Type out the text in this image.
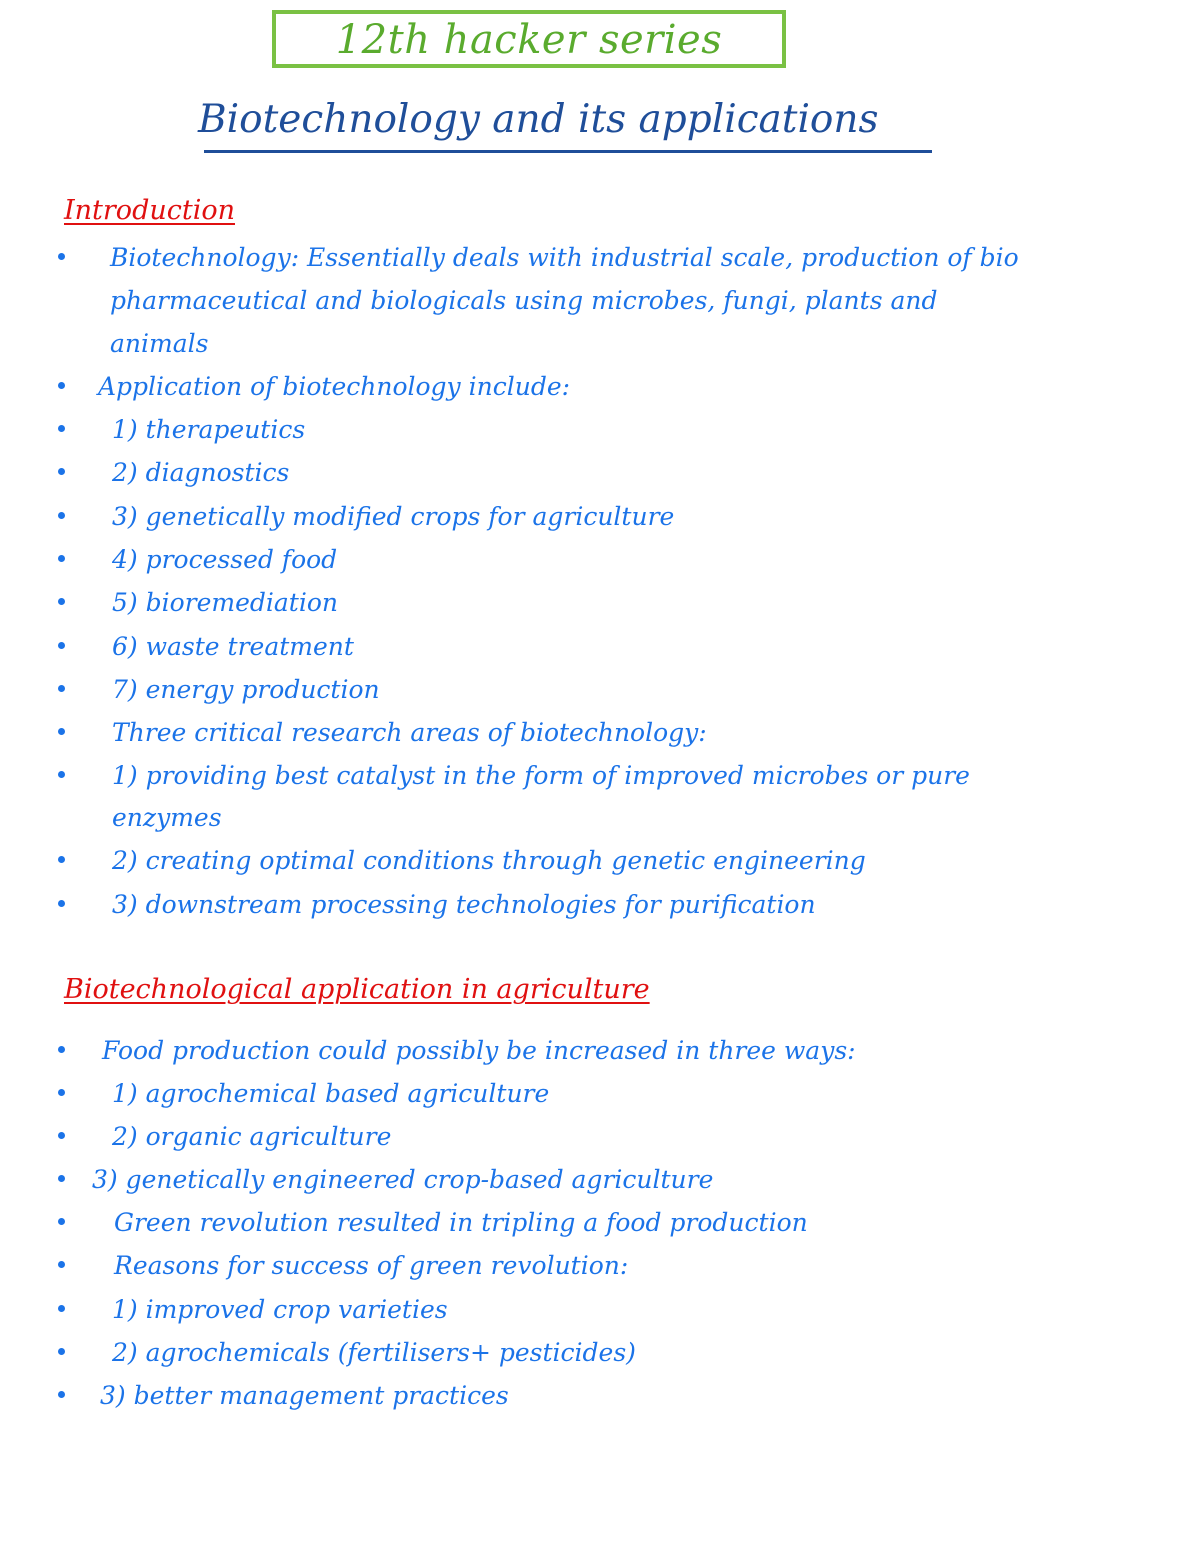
12th hacker series
Biotechnology and its applications
Introduction
Biotechnology: Essentially deals with industrial scale, production of bio
pharmaceutical and biologicals using microbes, fungi, plants and
animals
Application of biotechnology include:
1) therapeutics
2) diagnostics
3) genetically modified crops for agriculture
4) processed food
5) bioremediation
6) waste treatment
7) energy production
Three critical research areas of biotechnology:
1) providing best catalyst in the form of improved microbes or pure
enzymes
2) creating optimal conditions through genetic engineering
3) downstream processing technologies for purification
Biotechnological application in agriculture
Food production could possibly be increased in three ways:
1) agrochemical based agriculture
2) organic agriculture
3) genetically engineered crop-based agriculture
Green revolution resulted in tripling a food production
Reasons for success of green revolution:
1) improved crop varieties
2) agrochemicals (fertilisers+ pesticides)
3) better management practices
